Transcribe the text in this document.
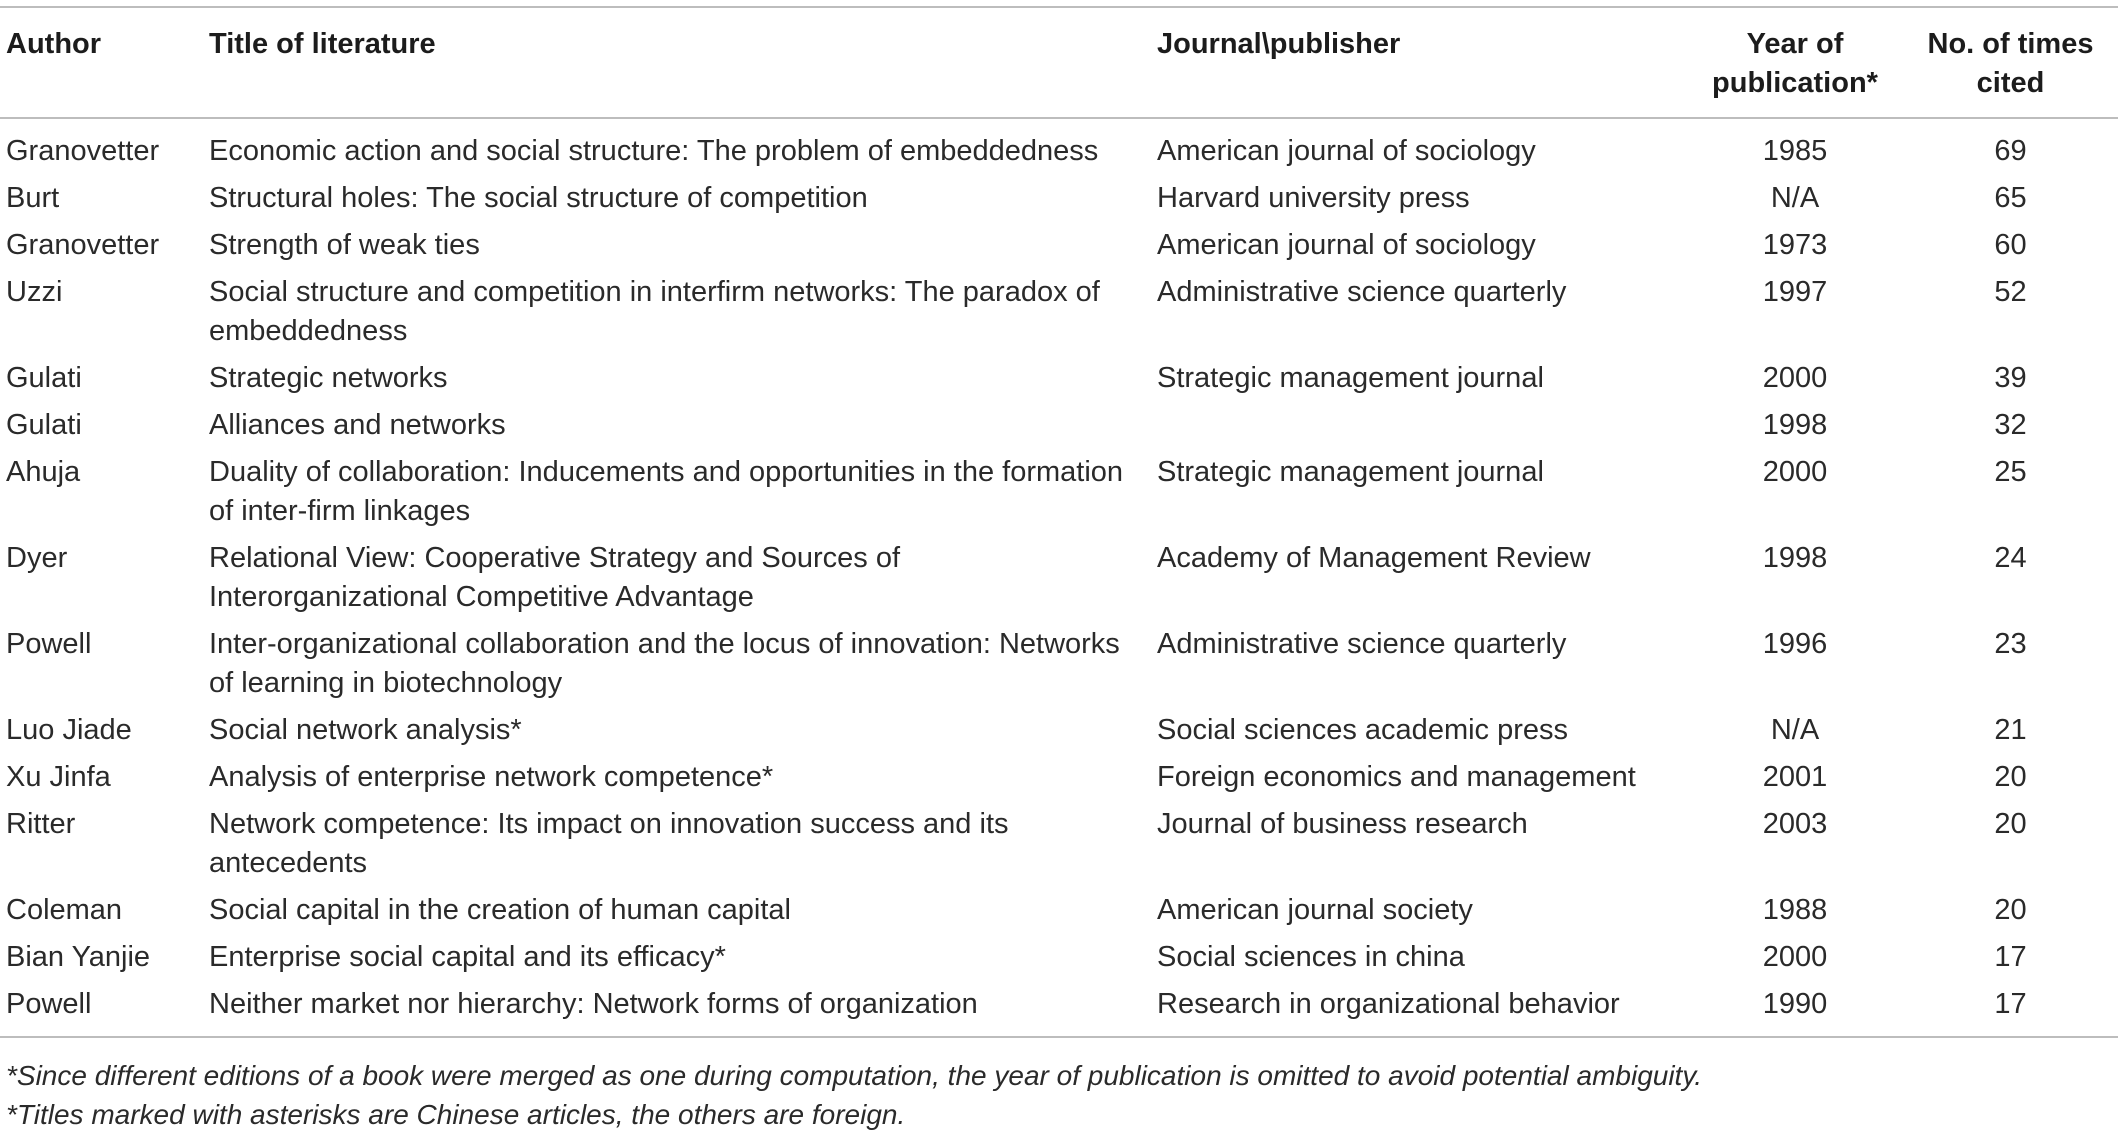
Author	Title of literature	Journal\publisher	Year of publication*	No. of times cited
Granovetter	Economic action and social structure: The problem of embeddedness	American journal of sociology	1985	69
Burt	Structural holes: The social structure of competition	Harvard university press	N/A	65
Granovetter	Strength of weak ties	American journal of sociology	1973	60
Uzzi	Social structure and competition in interfirm networks: The paradox of embeddedness	Administrative science quarterly	1997	52
Gulati	Strategic networks	Strategic management journal	2000	39
Gulati	Alliances and networks		1998	32
Ahuja	Duality of collaboration: Inducements and opportunities in the formation of inter-firm linkages	Strategic management journal	2000	25
Dyer	Relational View: Cooperative Strategy and Sources of Interorganizational Competitive Advantage	Academy of Management Review	1998	24
Powell	Inter-organizational collaboration and the locus of innovation: Networks of learning in biotechnology	Administrative science quarterly	1996	23
Luo Jiade	Social network analysis*	Social sciences academic press	N/A	21
Xu Jinfa	Analysis of enterprise network competence*	Foreign economics and management	2001	20
Ritter	Network competence: Its impact on innovation success and its antecedents	Journal of business research	2003	20
Coleman	Social capital in the creation of human capital	American journal society	1988	20
Bian Yanjie	Enterprise social capital and its efficacy*	Social sciences in china	2000	17
Powell	Neither market nor hierarchy: Network forms of organization	Research in organizational behavior	1990	17
*Since different editions of a book were merged as one during computation, the year of publication is omitted to avoid potential ambiguity.
*Titles marked with asterisks are Chinese articles, the others are foreign.
